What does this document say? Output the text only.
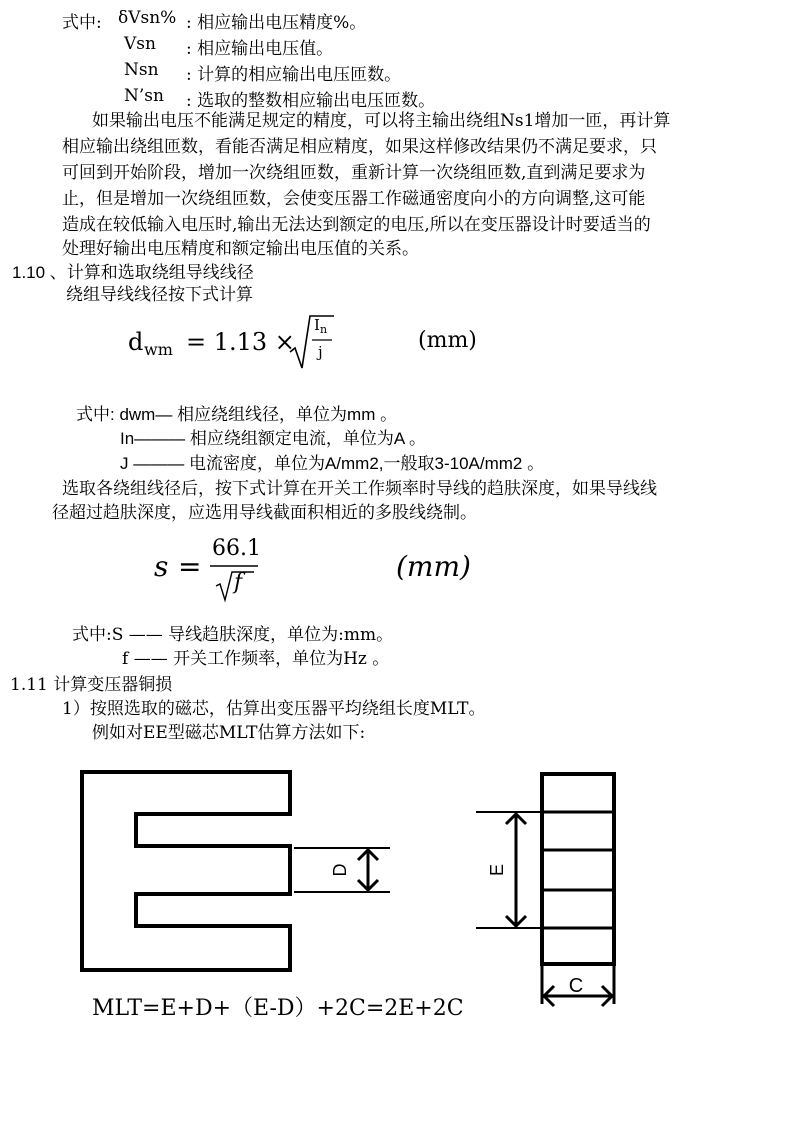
式中: δVsn% : 相应输出电压精度%。
Vsn : 相应输出电压值。
Nsn : 计算的相应输出电压匝数。
N’sn : 选取的整数相应输出电压匝数。
如果输出电压不能满足规定的精度，可以将主输出绕组Ns1增加一匝，再计算
相应输出绕组匝数，看能否满足相应精度，如果这样修改结果仍不满足要求，只
可回到开始阶段，增加一次绕组匝数，重新计算一次绕组匝数,直到满足要求为
止，但是增加一次绕组匝数，会使变压器工作磁通密度向小的方向调整,这可能
造成在较低输入电压时,输出无法达到额定的电压,所以在变压器设计时要适当的
处理好输出电压精度和额定输出电压值的关系。
1.10 、计算和选取绕组导线线径
绕组导线线径按下式计算
d wm = 1.13 ×
I n
j	(mm)
式中: dwm— 相应绕组线径，单位为mm 。
In——— 相应绕组额定电流，单位为A 。
J ——— 电流密度，单位为A/mm2,一般取3-10A/mm2 。
选取各绕组线径后，按下式计算在开关工作频率时导线的趋肤深度，如果导线线
径超过趋肤深度，应选用导线截面积相近的多股线绕制。
s =
66.1
f	(mm)
式中:S —— 导线趋肤深度，单位为:mm。
f —— 开关工作频率，单位为Hz 。
1.11 计算变压器铜损
1）按照选取的磁芯，估算出变压器平均绕组长度MLT。
例如对EE型磁芯MLT估算方法如下:
D	E
C
MLT=E+D+（E-D）+2C=2E+2C
